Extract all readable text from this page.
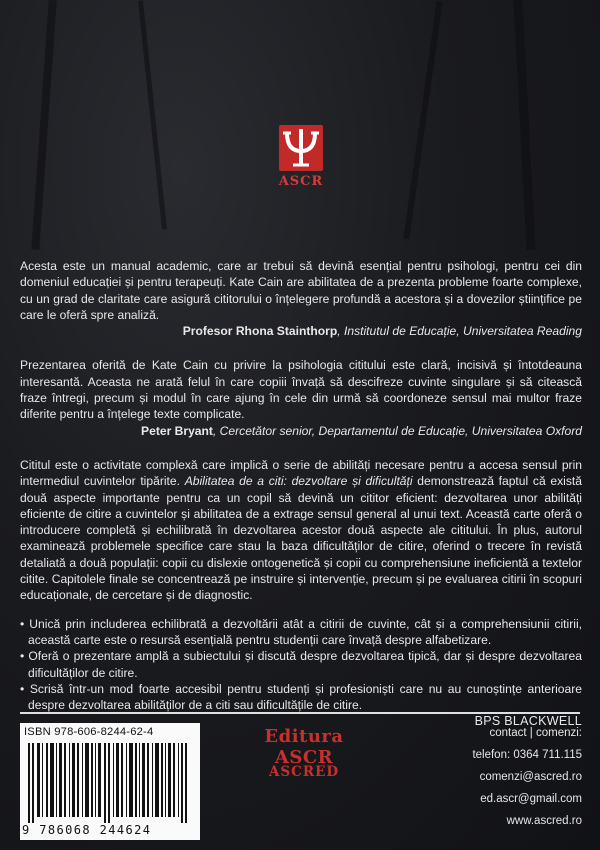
ASCR

Acesta este un manual academic, care ar trebui să devină esențial pentru psihologi, pentru cei din domeniul educației și pentru terapeuți. Kate Cain are abilitatea de a prezenta probleme foarte complexe, cu un grad de claritate care asigură cititorului o înțelegere profundă a acestora și a dovezilor științifice pe care le oferă spre analiză.

Profesor Rhona Stainthorp, Institutul de Educație, Universitatea Reading

Prezentarea oferită de Kate Cain cu privire la psihologia cititului este clară, incisivă și întotdeauna interesantă. Aceasta ne arată felul în care copiii învață să descifreze cuvinte singulare și să citească fraze întregi, precum și modul în care ajung în cele din urmă să coordoneze sensul mai multor fraze diferite pentru a înțelege texte complicate.

Peter Bryant, Cercetător senior, Departamentul de Educație, Universitatea Oxford

Cititul este o activitate complexă care implică o serie de abilități necesare pentru a accesa sensul prin intermediul cuvintelor tipărite. Abilitatea de a citi: dezvoltare și dificultăți demonstrează faptul că există două aspecte importante pentru ca un copil să devină un cititor eficient: dezvoltarea unor abilități eficiente de citire a cuvintelor și abilitatea de a extrage sensul general al unui text. Această carte oferă o introducere completă și echilibrată în dezvoltarea acestor două aspecte ale cititului. În plus, autorul examinează problemele specifice care stau la baza dificultăților de citire, oferind o trecere în revistă detaliată a două populații: copii cu dislexie ontogenetică și copii cu comprehensiune ineficientă a textelor citite. Capitolele finale se concentrează pe instruire și intervenție, precum și pe evaluarea citirii în scopuri educaționale, de cercetare și de diagnostic.

• Unică prin includerea echilibrată a dezvoltării atât a citirii de cuvinte, cât și a comprehensiunii citirii, această carte este o resursă esențială pentru studenții care învață despre alfabetizare.

• Oferă o prezentare amplă a subiectului și discută despre dezvoltarea tipică, dar și despre dezvoltarea dificultăților de citire.

• Scrisă într-un mod foarte accesibil pentru studenți și profesioniști care nu au cunoștințe anterioare despre dezvoltarea abilităților de a citi sau dificultățile de citire.

BPS BLACKWELL

ISBN 978-606-8244-62-4
9 786068 244624
Editura ASCR
ASCRED
contact | comenzi:
telefon: 0364 711.115
comenzi@ascred.ro
ed.ascr@gmail.com
www.ascred.ro
